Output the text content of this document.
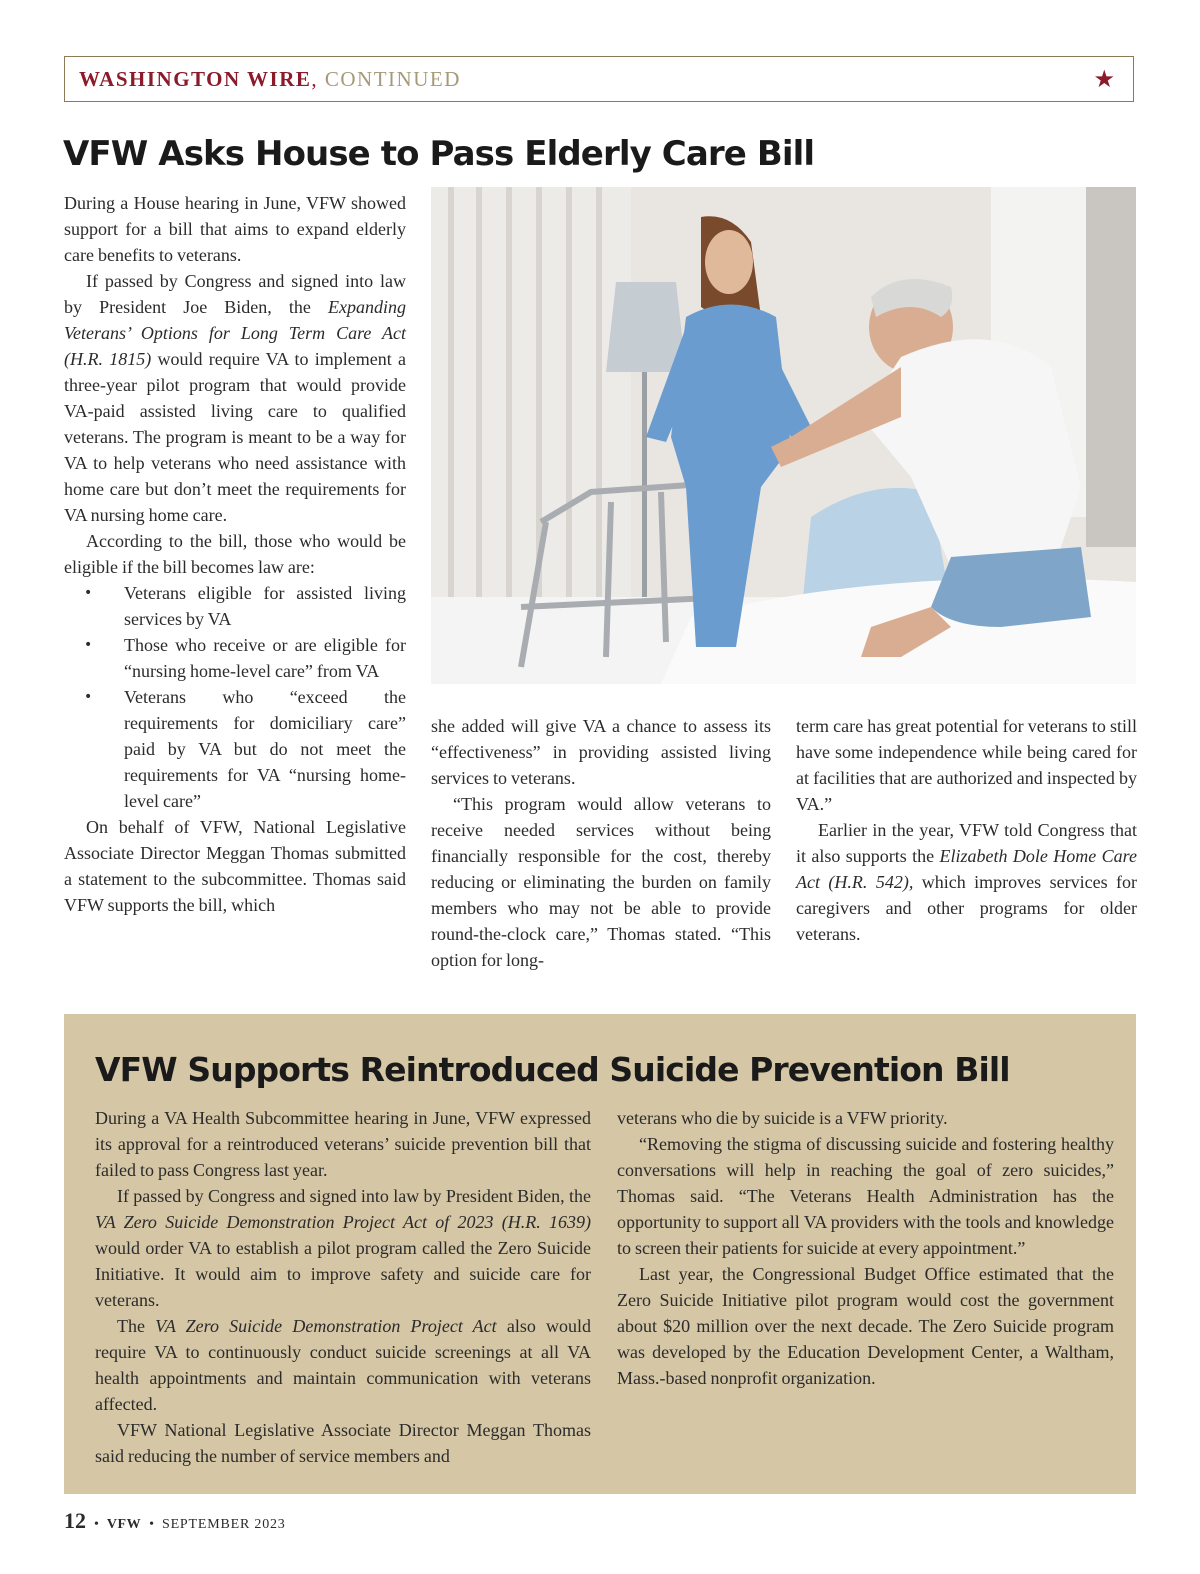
WASHINGTON WIRE, CONTINUED	★
VFW Asks House to Pass Elderly Care Bill

During a House hearing in June, VFW showed support for a bill that aims to expand elderly care benefits to veterans.

If passed by Congress and signed into law by President Joe Biden, the Expanding Veterans’ Options for Long Term Care Act (H.R. 1815) would require VA to implement a three-year pilot program that would provide VA-paid assisted living care to qualified veterans. The program is meant to be a way for VA to help veterans who need assistance with home care but don’t meet the requirements for VA nursing home care.

According to the bill, those who would be eligible if the bill becomes law are:

• Veterans eligible for assisted living services by VA
• Those who receive or are eligible for “nursing home-level care” from VA
• Veterans who “exceed the requirements for domiciliary care” paid by VA but do not meet the requirements for VA “nursing home-level care”

On behalf of VFW, National Legislative Associate Director Meggan Thomas submitted a statement to the subcommittee. Thomas said VFW supports the bill, which

she added will give VA a chance to assess its “effectiveness” in providing assisted living services to veterans.

“This program would allow veterans to receive needed services without being financially responsible for the cost, thereby reducing or eliminating the burden on family members who may not be able to provide round-the-clock care,” Thomas stated. “This option for long-

term care has great potential for veterans to still have some independence while being cared for at facilities that are authorized and inspected by VA.”

Earlier in the year, VFW told Congress that it also supports the Elizabeth Dole Home Care Act (H.R. 542), which improves services for caregivers and other programs for older veterans.

VFW Supports Reintroduced Suicide Prevention Bill

During a VA Health Subcommittee hearing in June, VFW expressed its approval for a reintroduced veterans’ suicide prevention bill that failed to pass Congress last year.

If passed by Congress and signed into law by President Biden, the VA Zero Suicide Demonstration Project Act of 2023 (H.R. 1639) would order VA to establish a pilot program called the Zero Suicide Initiative. It would aim to improve safety and suicide care for veterans.

The VA Zero Suicide Demonstration Project Act also would require VA to continuously conduct suicide screenings at all VA health appointments and maintain communication with veterans affected.

VFW National Legislative Associate Director Meggan Thomas said reducing the number of service members and

veterans who die by suicide is a VFW priority.

“Removing the stigma of discussing suicide and fostering healthy conversations will help in reaching the goal of zero suicides,” Thomas said. “The Veterans Health Administration has the opportunity to support all VA providers with the tools and knowledge to screen their patients for suicide at every appointment.”

Last year, the Congressional Budget Office estimated that the Zero Suicide Initiative pilot program would cost the government about $20 million over the next decade. The Zero Suicide program was developed by the Education Development Center, a Waltham, Mass.-based nonprofit organization.

12 • VFW • SEPTEMBER 2023
